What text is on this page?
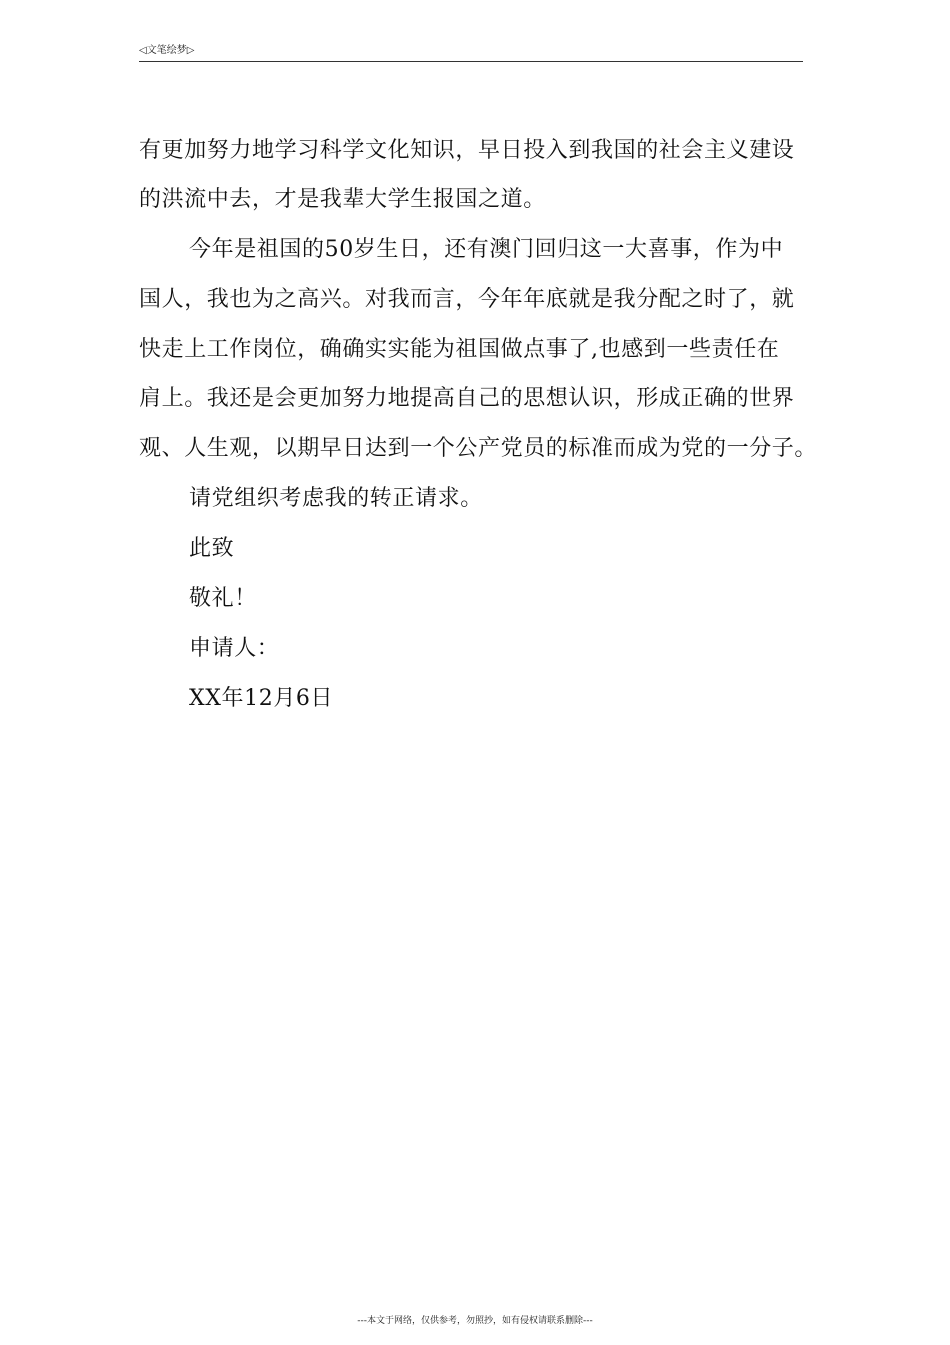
◁文笔绘梦▷
有更加努力地学习科学文化知识，早日投入到我国的社会主义建设
的洪流中去，才是我辈大学生报国之道。
今年是祖国的50岁生日，还有澳门回归这一大喜事，作为中
国人，我也为之高兴。对我而言，今年年底就是我分配之时了，就
快走上工作岗位，确确实实能为祖国做点事了,也感到一些责任在
肩上。我还是会更加努力地提高自己的思想认识，形成正确的世界
观、人生观，以期早日达到一个公产党员的标准而成为党的一分子。
请党组织考虑我的转正请求。
此致
敬礼！
申请人：
XX年12月6日
---本文于网络，仅供参考，勿照抄，如有侵权请联系删除---
